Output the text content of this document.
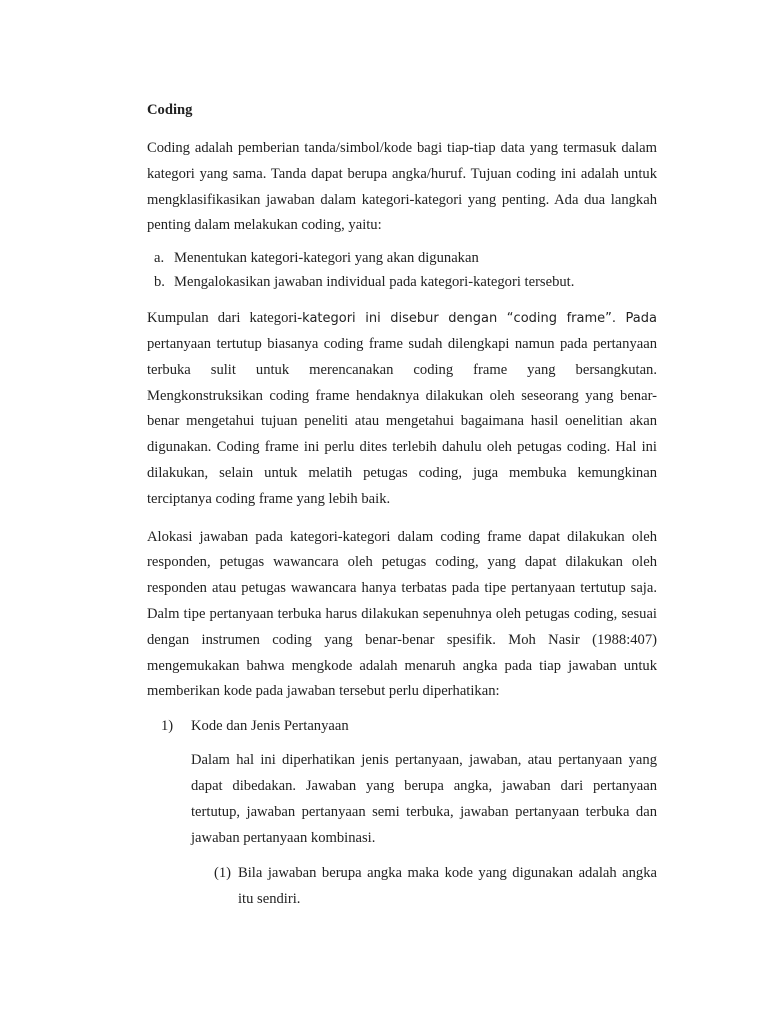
Coding

Coding adalah pemberian tanda/simbol/kode bagi tiap-tiap data yang termasuk dalam kategori yang sama. Tanda dapat berupa angka/huruf. Tujuan coding ini adalah untuk mengklasifikasikan jawaban dalam kategori-kategori yang penting. Ada dua langkah penting dalam melakukan coding, yaitu:

a. Menentukan kategori-kategori yang akan digunakan
b. Mengalokasikan jawaban individual pada kategori-kategori tersebut.

Kumpulan dari kategori-kategori ini disebur dengan “coding frame”. Pada pertanyaan tertutup biasanya coding frame sudah dilengkapi namun pada pertanyaan terbuka sulit untuk merencanakan coding frame yang bersangkutan. Mengkonstruksikan coding frame hendaknya dilakukan oleh seseorang yang benar-benar mengetahui tujuan peneliti atau mengetahui bagaimana hasil oenelitian akan digunakan. Coding frame ini perlu dites terlebih dahulu oleh petugas coding. Hal ini dilakukan, selain untuk melatih petugas coding, juga membuka kemungkinan terciptanya coding frame yang lebih baik.

Alokasi jawaban pada kategori-kategori dalam coding frame dapat dilakukan oleh responden, petugas wawancara oleh petugas coding, yang dapat dilakukan oleh responden atau petugas wawancara hanya terbatas pada tipe pertanyaan tertutup saja. Dalm tipe pertanyaan terbuka harus dilakukan sepenuhnya oleh petugas coding, sesuai dengan instrumen coding yang benar-benar spesifik. Moh Nasir (1988:407) mengemukakan bahwa mengkode adalah menaruh angka pada tiap jawaban untuk memberikan kode pada jawaban tersebut perlu diperhatikan:

1)	Kode dan Jenis Pertanyaan

Dalam hal ini diperhatikan jenis pertanyaan, jawaban, atau pertanyaan yang dapat dibedakan. Jawaban yang berupa angka, jawaban dari pertanyaan tertutup, jawaban pertanyaan semi terbuka, jawaban pertanyaan terbuka dan jawaban pertanyaan kombinasi.

(1) Bila jawaban berupa angka maka kode yang digunakan adalah angka itu sendiri.
